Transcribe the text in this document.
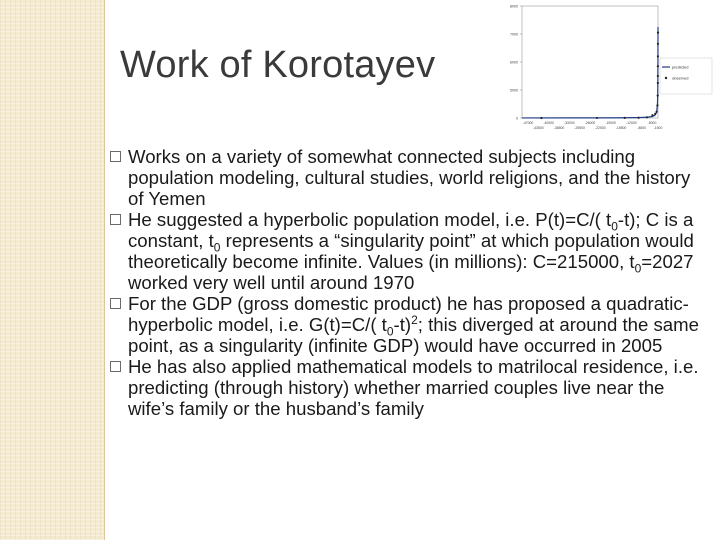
Work of Korotayev
8000
7000
6000
5000
0
-47000	-40000	-33000	-26000	-19000	-12000	-5000
-43500	-36500	-29500	-22500	-15500	-8500 -1500
predicted
observed
Works on a variety of somewhat connected subjects including population modeling, cultural studies, world religions, and the history of Yemen
He suggested a hyperbolic population model, i.e. P(t)=C/( $t_0-t$); C is a constant, $t_0$ represents a “singularity point” at which population would theoretically become infinite. Values (in millions): C=215000, $t_0=2027$ worked very well until around 1970
For the GDP (gross domestic product) he has proposed a quadratic-hyperbolic model, i.e. G(t)=C/( $t_0-t)^2$; this diverged at around the same point, as a singularity (infinite GDP) would have occurred in 2005
He has also applied mathematical models to matrilocal residence, i.e. predicting (through history) whether married couples live near the wife’s family or the husband’s family
